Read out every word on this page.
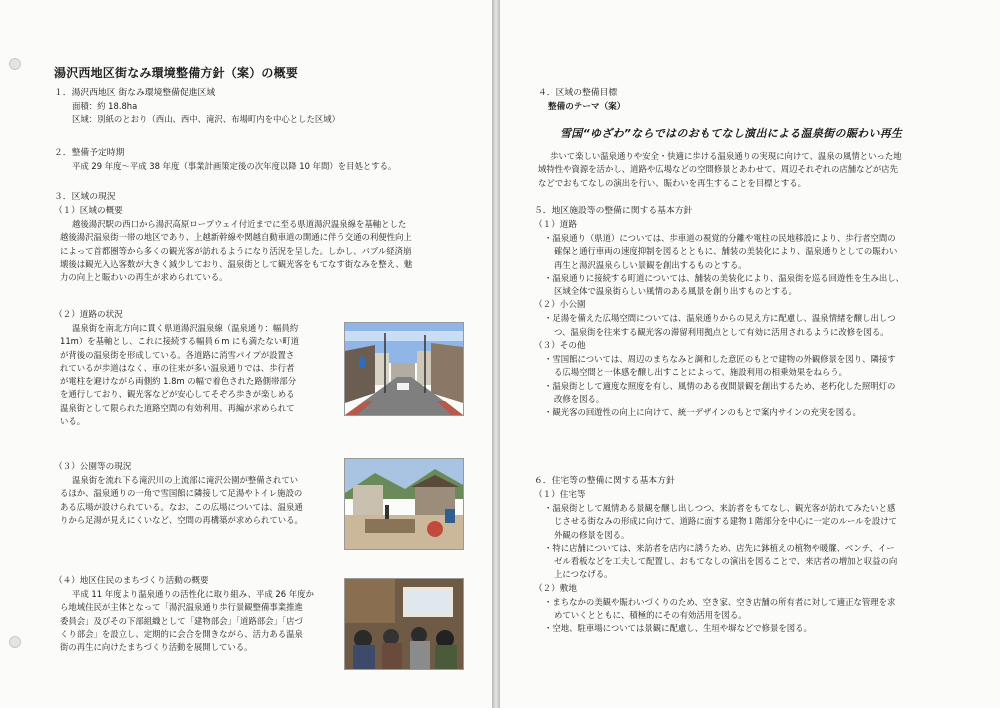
湯沢西地区街なみ環境整備方針（案）の概要
１．湯沢西地区 街なみ環境整備促進区域
面積：約 18.8ha
区域：別紙のとおり（西山、西中、滝沢、布場町内を中心とした区域）
２．整備予定時期
平成 29 年度～平成 38 年度（事業計画策定後の次年度以降 10 年間）を目処とする。
３．区域の現況
（１）区域の概要

越後湯沢駅の西口から湯沢高原ロープウェイ付近までに至る県道湯沢温泉線を基軸とした

越後湯沢温泉街一帯の地区であり、上越新幹線や関越自動車道の開通に伴う交通の利便性向上

によって首都圏等から多くの観光客が訪れるようになり活況を呈した。しかし、バブル経済崩

壊後は観光入込客数が大きく減少しており、温泉街として観光客をもてなす街なみを整え、魅

力の向上と賑わいの再生が求められている。

（２）道路の状況

温泉街を南北方向に貫く県道湯沢温泉線（温泉通り：幅員約

11m）を基軸とし、これに接続する幅員６m にも満たない町道

が背後の温泉街を形成している。各道路に消雪パイプが設置さ

れているが歩道はなく、車の往来が多い温泉通りでは、歩行者

が電柱を避けながら両側約 1.8m の幅で着色された路側帯部分

を通行しており、観光客などが安心してそぞろ歩きが楽しめる

温泉街として限られた道路空間の有効利用、再編が求められて

いる。

（３）公園等の現況

温泉街を流れ下る滝沢川の上流部に滝沢公園が整備されてい

るほか、温泉通りの一角で雪国館に隣接して足湯やトイレ施設の

ある広場が設けられている。なお、この広場については、温泉通

りから足湯が見えにくいなど、空間の再構築が求められている。

（４）地区住民のまちづくり活動の概要

平成 11 年度より温泉通りの活性化に取り組み、平成 26 年度か

ら地域住民が主体となって「湯沢温泉通り歩行景観整備事業推進

委員会」及びその下部組織として「建物部会」「道路部会」「店づ

くり部会」を設立し、定期的に会合を開きながら、活力ある温泉

街の再生に向けたまちづくり活動を展開している。

４．区域の整備目標
整備のテーマ（案）
雪国“ゆざわ”ならではのおもてなし演出による温泉街の賑わい再生

歩いて楽しい温泉通りや安全・快適に歩ける温泉通りの実現に向けて、温泉の風情といった地

域特性や資源を活かし、道路や広場などの空間修景とあわせて、周辺それぞれの店舗などが店先

などでおもてなしの演出を行い、賑わいを再生することを目標とする。

５．地区施設等の整備に関する基本方針
（１）道路

・温泉通り（県道）については、歩車道の視覚的分離や電柱の民地移設により、歩行者空間の

確保と通行車両の速度抑制を図るとともに、舗装の美装化により、温泉通りとしての賑わい

再生と湯沢温泉らしい景観を創出するものとする。

・温泉通りに接続する町道については、舗装の美装化により、温泉街を巡る回遊性を生み出し、

区域全体で温泉街らしい風情のある風景を創り出すものとする。

（２）小公園

・足湯を備えた広場空間については、温泉通りからの見え方に配慮し、温泉情緒を醸し出しつ

つ、温泉街を往来する観光客の滞留利用拠点として有効に活用されるように改修を図る。

（３）その他

・雪国館については、周辺のまちなみと調和した意匠のもとで建物の外観修景を図り、隣接す

る広場空間と一体感を醸し出すことによって、施設利用の相乗効果をねらう。

・温泉街として適度な照度を有し、風情のある夜間景観を創出するため、老朽化した照明灯の

改修を図る。

・観光客の回遊性の向上に向けて、統一デザインのもとで案内サインの充実を図る。

６．住宅等の整備に関する基本方針
（１）住宅等

・温泉街として風情ある景観を醸し出しつつ、来訪者をもてなし、観光客が訪れてみたいと感

じさせる街なみの形成に向けて、道路に面する建物１階部分を中心に一定のルールを設けて

外観の修景を図る。

・特に店舗については、来訪者を店内に誘うため、店先に鉢植えの植物や暖簾、ベンチ、イー

ゼル看板などを工夫して配置し、おもてなしの演出を図ることで、来店者の増加と収益の向

上につなげる。

（２）敷地

・まちなかの美観や賑わいづくりのため、空き家、空き店舗の所有者に対して適正な管理を求

めていくとともに、積極的にその有効活用を図る。

・空地、駐車場については景観に配慮し、生垣や塀などで修景を図る。
